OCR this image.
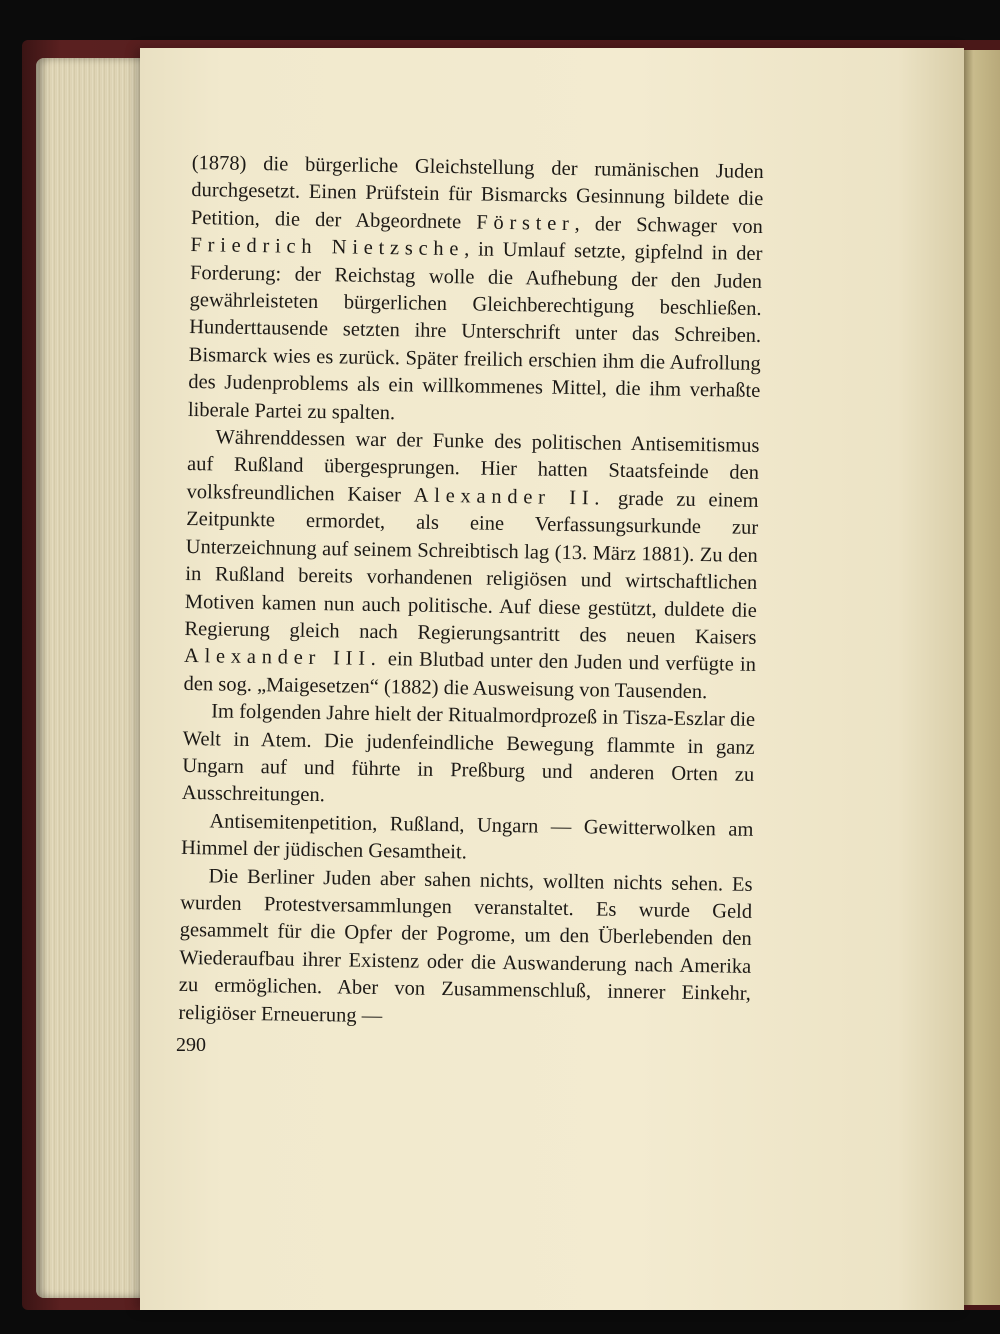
(1878) die bürgerliche Gleichstellung der rumänischen Juden durchgesetzt. Einen Prüfstein für Bismarcks Gesinnung bildete die Petition, die der Abgeordnete Förster, der Schwager von Friedrich Nietzsche, in Umlauf setzte, gipfelnd in der Forderung: der Reichstag wolle die Aufhebung der den Juden gewährleisteten bürgerlichen Gleichberechtigung beschließen. Hunderttausende setzten ihre Unterschrift unter das Schreiben. Bismarck wies es zurück. Später freilich erschien ihm die Aufrollung des Judenproblems als ein willkommenes Mittel, die ihm verhaßte liberale Partei zu spalten.

Währenddessen war der Funke des politischen Antisemitismus auf Rußland übergesprungen. Hier hatten Staatsfeinde den volksfreundlichen Kaiser Alexander II. grade zu einem Zeitpunkte ermordet, als eine Verfassungsurkunde zur Unterzeichnung auf seinem Schreibtisch lag (13. März 1881). Zu den in Rußland bereits vorhandenen religiösen und wirtschaftlichen Motiven kamen nun auch politische. Auf diese gestützt, duldete die Regierung gleich nach Regierungsantritt des neuen Kaisers Alexander III. ein Blutbad unter den Juden und verfügte in den sog. „Maigesetzen“ (1882) die Ausweisung von Tausenden.

Im folgenden Jahre hielt der Ritualmordprozeß in Tisza-Eszlar die Welt in Atem. Die judenfeindliche Bewegung flammte in ganz Ungarn auf und führte in Preßburg und anderen Orten zu Ausschreitungen.

Antisemitenpetition, Rußland, Ungarn — Gewitterwolken am Himmel der jüdischen Gesamtheit.

Die Berliner Juden aber sahen nichts, wollten nichts sehen. Es wurden Protestversammlungen veranstaltet. Es wurde Geld gesammelt für die Opfer der Pogrome, um den Überlebenden den Wiederaufbau ihrer Existenz oder die Auswanderung nach Amerika zu ermöglichen. Aber von Zusammenschluß, innerer Einkehr, religiöser Erneuerung —

290
